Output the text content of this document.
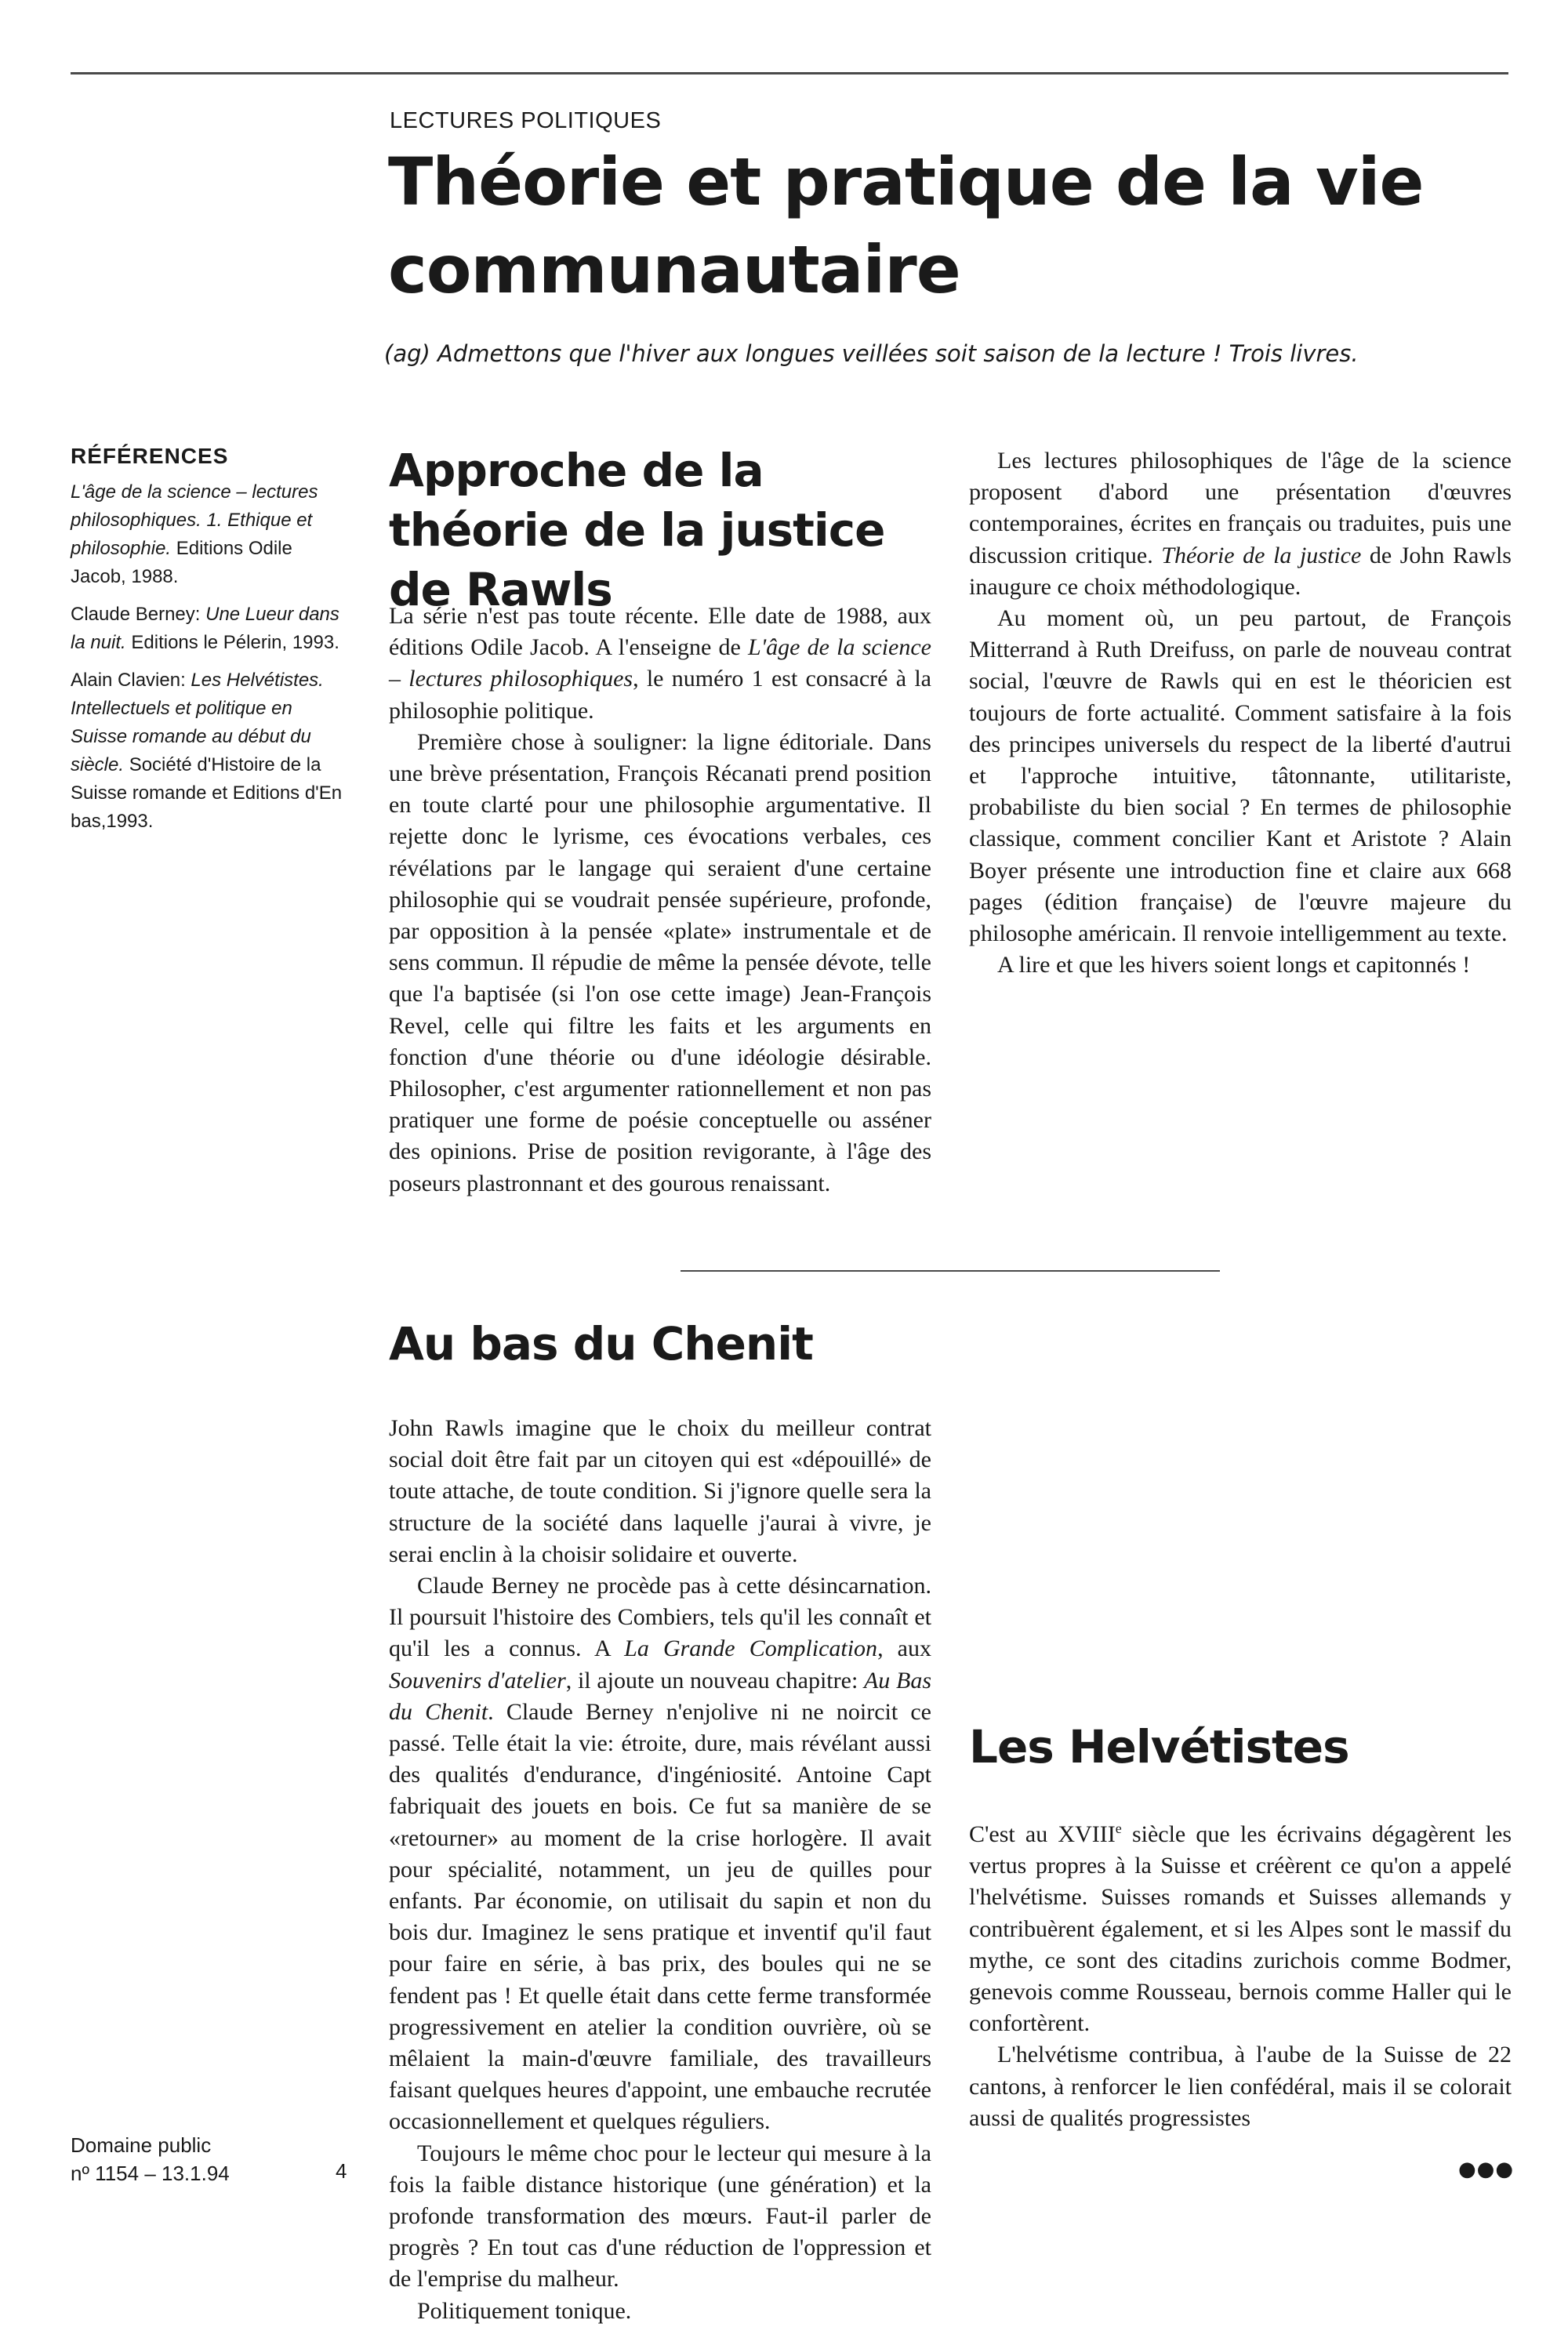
LECTURES POLITIQUES

Théorie et pratique de la vie communautaire

(ag) Admettons que l'hiver aux longues veillées soit saison de la lecture ! Trois livres.

RÉFÉRENCES

L'âge de la science – lectures philosophiques. 1. Ethique et philosophie. Editions Odile Jacob, 1988.

Claude Berney: Une Lueur dans la nuit. Editions le Pélerin, 1993.

Alain Clavien: Les Helvétistes. Intellectuels et politique en Suisse romande au début du siècle. Société d'Histoire de la Suisse romande et Editions d'En bas,1993.

Approche de la théorie de la justice de Rawls

La série n'est pas toute récente. Elle date de 1988, aux éditions Odile Jacob. A l'enseigne de L'âge de la science – lectures philosophiques, le numéro 1 est consacré à la philosophie politique.

Première chose à souligner: la ligne éditoriale. Dans une brève présentation, François Récanati prend position en toute clarté pour une philosophie argumentative. Il rejette donc le lyrisme, ces évocations verbales, ces révélations par le langage qui seraient d'une certaine philosophie qui se voudrait pensée supérieure, profonde, par opposition à la pensée «plate» instrumentale et de sens commun. Il répudie de même la pensée dévote, telle que l'a baptisée (si l'on ose cette image) Jean-François Revel, celle qui filtre les faits et les arguments en fonction d'une théorie ou d'une idéologie désirable. Philosopher, c'est argumenter rationnellement et non pas pratiquer une forme de poésie conceptuelle ou asséner des opinions. Prise de position revigorante, à l'âge des poseurs plastronnant et des gourous renaissant.

Les lectures philosophiques de l'âge de la science proposent d'abord une présentation d'œuvres contemporaines, écrites en français ou traduites, puis une discussion critique. Théorie de la justice de John Rawls inaugure ce choix méthodologique.

Au moment où, un peu partout, de François Mitterrand à Ruth Dreifuss, on parle de nouveau contrat social, l'œuvre de Rawls qui en est le théoricien est toujours de forte actualité. Comment satisfaire à la fois des principes universels du respect de la liberté d'autrui et l'approche intuitive, tâtonnante, utilitariste, probabiliste du bien social ? En termes de philosophie classique, comment concilier Kant et Aristote ? Alain Boyer présente une introduction fine et claire aux 668 pages (édition française) de l'œuvre majeure du philosophe américain. Il renvoie intelligemment au texte.

A lire et que les hivers soient longs et capitonnés !

Au bas du Chenit

John Rawls imagine que le choix du meilleur contrat social doit être fait par un citoyen qui est «dépouillé» de toute attache, de toute condition. Si j'ignore quelle sera la structure de la société dans laquelle j'aurai à vivre, je serai enclin à la choisir solidaire et ouverte.

Claude Berney ne procède pas à cette désincarnation. Il poursuit l'histoire des Combiers, tels qu'il les connaît et qu'il les a connus. A La Grande Complication, aux Souvenirs d'atelier, il ajoute un nouveau chapitre: Au Bas du Chenit. Claude Berney n'enjolive ni ne noircit ce passé. Telle était la vie: étroite, dure, mais révélant aussi des qualités d'endurance, d'ingéniosité. Antoine Capt fabriquait des jouets en bois. Ce fut sa manière de se «retourner» au moment de la crise horlogère. Il avait pour spécialité, notamment, un jeu de quilles pour enfants. Par économie, on utilisait du sapin et non du bois dur. Imaginez le sens pratique et inventif qu'il faut pour faire en série, à bas prix, des boules qui ne se fendent pas ! Et quelle était dans cette ferme transformée progressivement en atelier la condition ouvrière, où se mêlaient la main-d'œuvre familiale, des travailleurs faisant quelques heures d'appoint, une embauche recrutée occasionnellement et quelques réguliers.

Toujours le même choc pour le lecteur qui mesure à la fois la faible distance historique (une génération) et la profonde transformation des mœurs. Faut-il parler de progrès ? En tout cas d'une réduction de l'oppression et de l'emprise du malheur.

Politiquement tonique.

Les Helvétistes

C'est au XVIIIe siècle que les écrivains dégagèrent les vertus propres à la Suisse et créèrent ce qu'on a appelé l'helvétisme. Suisses romands et Suisses allemands y contribuèrent également, et si les Alpes sont le massif du mythe, ce sont des citadins zurichois comme Bodmer, genevois comme Rousseau, bernois comme Haller qui le confortèrent.

L'helvétisme contribua, à l'aube de la Suisse de 22 cantons, à renforcer le lien confédéral, mais il se colorait aussi de qualités progressistes

Domaine public
nº 1154 – 13.1.94	4	●●●
